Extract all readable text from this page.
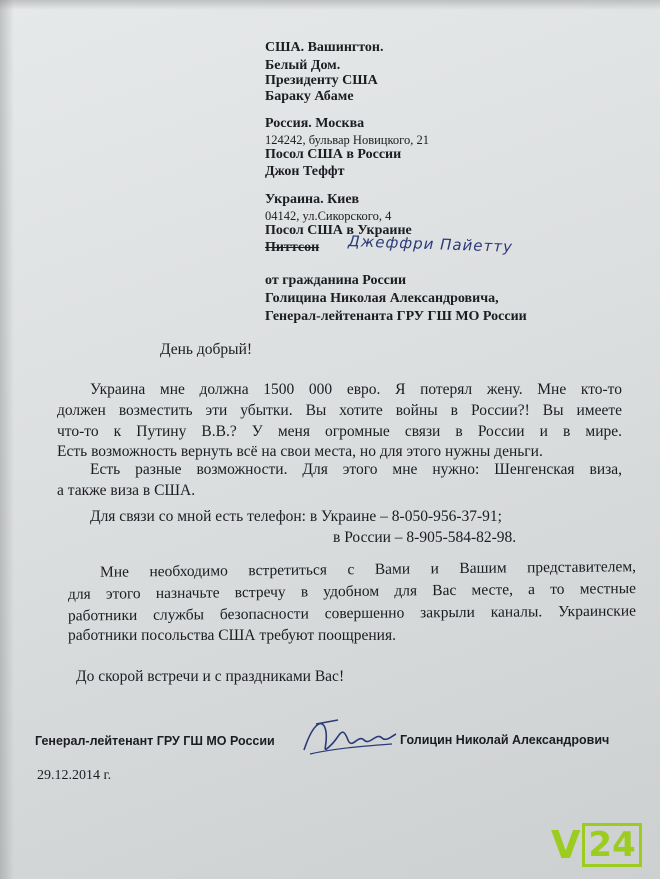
США. Вашингтон.
Белый Дом.
Президенту США
Бараку Абаме
Россия. Москва
124242, бульвар Новицкого, 21
Посол США в России
Джон Теффт
Украина. Киев
04142, ул.Сикорского, 4
Посол США в Украине
Питтсон Джеффри Пайетту
от гражданина России
Голицина Николая Александровича,
Генерал-лейтенанта ГРУ ГШ МО России
День добрый!
Украина мне должна 1500 000 евро. Я потерял жену. Мне кто-то
должен возместить эти убытки. Вы хотите войны в России?! Вы имеете
что-то к Путину В.В.? У меня огромные связи в России и в мире.
Есть возможность вернуть всё на свои места, но для этого нужны деньги.
Есть разные возможности. Для этого мне нужно: Шенгенская виза,
а также виза в США.
Для связи со мной есть телефон: в Украине – 8-050-956-37-91;
в России – 8-905-584-82-98.
Мне необходимо встретиться с Вами и Вашим представителем,
для этого назначьте встречу в удобном для Вас месте, а то местные
работники службы безопасности совершенно закрыли каналы. Украинские
работники посольства США требуют поощрения.
До скорой встречи и с праздниками Вас!
Генерал-лейтенант ГРУ ГШ МО России	Голицин Николай Александрович
29.12.2014 г.
V 24
